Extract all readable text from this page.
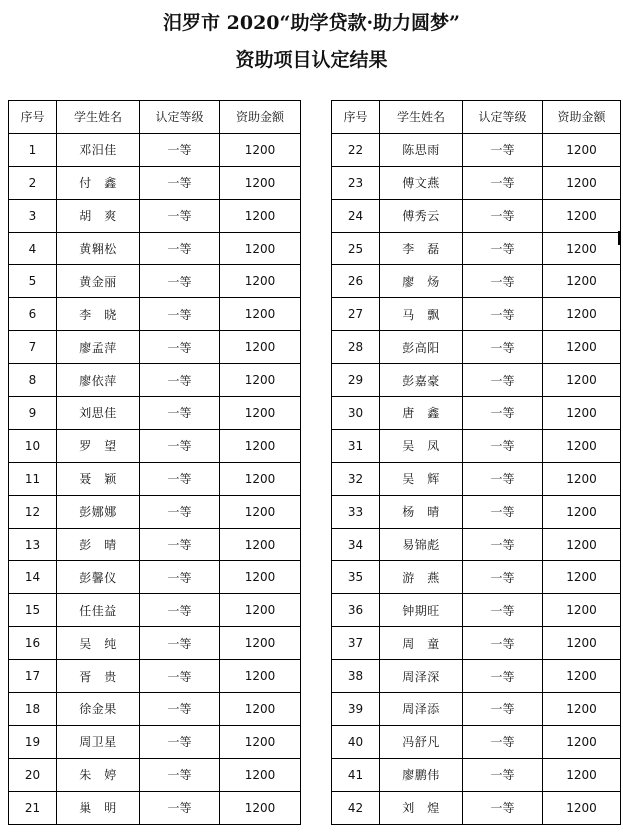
汨罗市 2020“助学贷款·助力圆梦”
资助项目认定结果
序号	学生姓名	认定等级	资助金额
1	邓汨佳	一等	1200
2	付　鑫	一等	1200
3	胡　爽	一等	1200
4	黄翱松	一等	1200
5	黄金丽	一等	1200
6	李　晓	一等	1200
7	廖孟萍	一等	1200
8	廖依萍	一等	1200
9	刘思佳	一等	1200
10	罗　望	一等	1200
11	聂　颖	一等	1200
12	彭娜娜	一等	1200
13	彭　晴	一等	1200
14	彭馨仪	一等	1200
15	任佳益	一等	1200
16	吴　纯	一等	1200
17	胥　贵	一等	1200
18	徐金果	一等	1200
19	周卫星	一等	1200
20	朱　婷	一等	1200
21	巢　明	一等	1200
序号	学生姓名	认定等级	资助金额
22	陈思雨	一等	1200
23	傅文燕	一等	1200
24	傅秀云	一等	1200
25	李　磊	一等	1200
26	廖　炀	一等	1200
27	马　飘	一等	1200
28	彭高阳	一等	1200
29	彭嘉豪	一等	1200
30	唐　鑫	一等	1200
31	吴　凤	一等	1200
32	吴　辉	一等	1200
33	杨　晴	一等	1200
34	易锦彪	一等	1200
35	游　燕	一等	1200
36	钟期旺	一等	1200
37	周　童	一等	1200
38	周泽深	一等	1200
39	周泽添	一等	1200
40	冯舒凡	一等	1200
41	廖鹏伟	一等	1200
42	刘　煌	一等	1200
